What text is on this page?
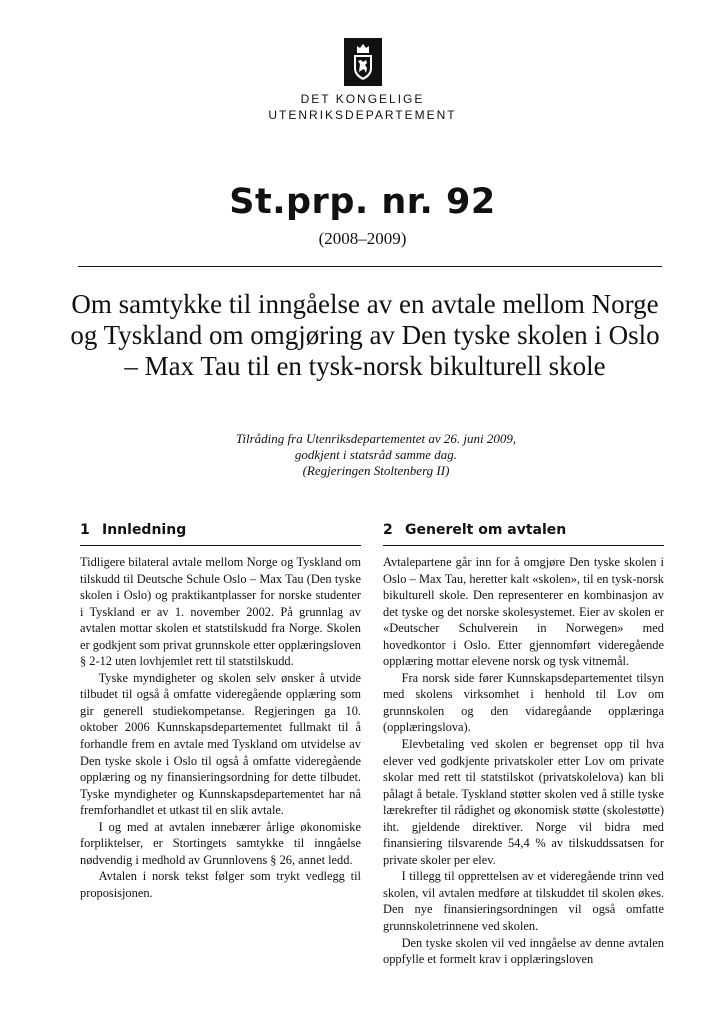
DET KONGELIGE
UTENRIKSDEPARTEMENT
St.prp. nr. 92
(2008–2009)
Om samtykke til inngåelse av en avtale mellom Norge og Tyskland om omgjøring av Den tyske skolen i Oslo – Max Tau til en tysk-norsk bikulturell skole
Tilråding fra Utenriksdepartementet av 26. juni 2009,
godkjent i statsråd samme dag.
(Regjeringen Stoltenberg II)
1 Innledning

Tidligere bilateral avtale mellom Norge og Tyskland om tilskudd til Deutsche Schule Oslo – Max Tau (Den tyske skolen i Oslo) og praktikantplasser for norske studenter i Tyskland er av 1. november 2002. På grunnlag av avtalen mottar skolen et statstilskudd fra Norge. Skolen er godkjent som privat grunnskole etter opplæringsloven § 2-12 uten lovhjemlet rett til statstilskudd.

Tyske myndigheter og skolen selv ønsker å utvide tilbudet til også å omfatte videregående opplæring som gir generell studiekompetanse. Regjeringen ga 10. oktober 2006 Kunnskapsdepartementet fullmakt til å forhandle frem en avtale med Tyskland om utvidelse av Den tyske skole i Oslo til også å omfatte videregående opplæring og ny finansieringsordning for dette tilbudet. Tyske myndigheter og Kunnskapsdepartementet har nå fremforhandlet et utkast til en slik avtale.

I og med at avtalen innebærer årlige økonomiske forpliktelser, er Stortingets samtykke til inngåelse nødvendig i medhold av Grunnlovens § 26, annet ledd.

Avtalen i norsk tekst følger som trykt vedlegg til proposisjonen.

2 Generelt om avtalen

Avtalepartene går inn for å omgjøre Den tyske skolen i Oslo – Max Tau, heretter kalt «skolen», til en tysk-norsk bikulturell skole. Den representerer en kombinasjon av det tyske og det norske skolesystemet. Eier av skolen er «Deutscher Schulverein in Norwegen» med hovedkontor i Oslo. Etter gjennomført videregående opplæring mottar elevene norsk og tysk vitnemål.

Fra norsk side fører Kunnskapsdepartementet tilsyn med skolens virksomhet i henhold til Lov om grunnskolen og den vidaregåande opplæringa (opplæringslova).

Elevbetaling ved skolen er begrenset opp til hva elever ved godkjente privatskoler etter Lov om private skolar med rett til statstilskot (privatskolelova) kan bli pålagt å betale. Tyskland støtter skolen ved å stille tyske lærekrefter til rådighet og økonomisk støtte (skolestøtte) iht. gjeldende direktiver. Norge vil bidra med finansiering tilsvarende 54,4 % av tilskuddssatsen for private skoler per elev.

I tillegg til opprettelsen av et videregående trinn ved skolen, vil avtalen medføre at tilskuddet til skolen økes. Den nye finansieringsordningen vil også omfatte grunnskoletrinnene ved skolen.

Den tyske skolen vil ved inngåelse av denne avtalen oppfylle et formelt krav i opplæringsloven
